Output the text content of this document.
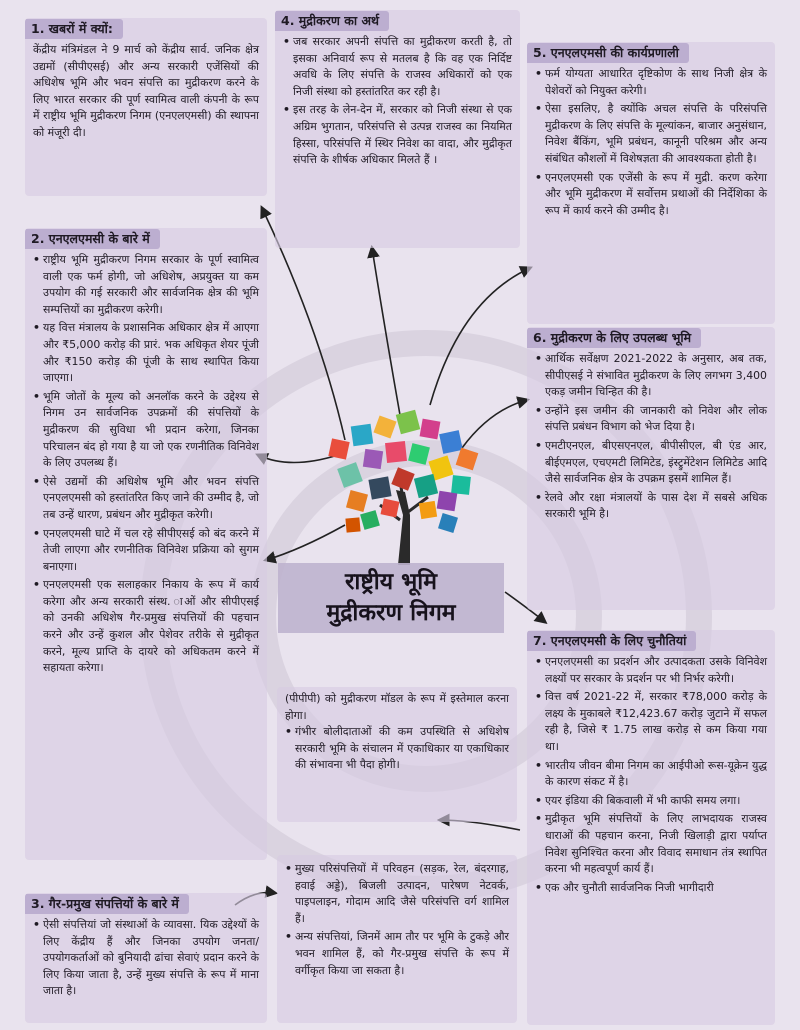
1. खबरों में क्यों:
केंद्रीय मंत्रिमंडल ने 9 मार्च को केंद्रीय सार्व. जनिक क्षेत्र उद्यमों (सीपीएसई) और अन्य सरकारी एजेंसियों की अधिशेष भूमि और भवन संपत्ति का मुद्रीकरण करने के लिए भारत सरकार की पूर्ण स्वामित्व वाली कंपनी के रूप में राष्ट्रीय भूमि मुद्रीकरण निगम (एनएलएमसी) की स्थापना को मंजूरी दी।
2. एनएलएमसी के बारे में
• राष्ट्रीय भूमि मुद्रीकरण निगम सरकार के पूर्ण स्वामित्व वाली एक फर्म होगी, जो अधिशेष, अप्रयुक्त या कम उपयोग की गई सरकारी और सार्वजनिक क्षेत्र की भूमि सम्पत्तियों का मुद्रीकरण करेगी।
• यह वित्त मंत्रालय के प्रशासनिक अधिकार क्षेत्र में आएगा और ₹5,000 करोड़ की प्रारं. भक अधिकृत शेयर पूंजी और ₹150 करोड़ की पूंजी के साथ स्थापित किया जाएगा।
• भूमि जोतों के मूल्य को अनलॉक करने के उद्देश्य से निगम उन सार्वजनिक उपक्रमों की संपत्तियों के मुद्रीकरण की सुविधा भी प्रदान करेगा, जिनका परिचालन बंद हो गया है या जो एक रणनीतिक विनिवेश के लिए उपलब्ध हैं।
• ऐसे उद्यमों की अधिशेष भूमि और भवन संपत्ति एनएलएमसी को हस्तांतरित किए जाने की उम्मीद है, जो तब उन्हें धारण, प्रबंधन और मुद्रीकृत करेगी।
• एनएलएमसी घाटे में चल रहे सीपीएसई को बंद करने में तेजी लाएगा और रणनीतिक विनिवेश प्रक्रिया को सुगम बनाएगा।
• एनएलएमसी एक सलाहकार निकाय के रूप में कार्य करेगा और अन्य सरकारी संस्थ. ाओं और सीपीएसई को उनकी अधिशेष गैर-प्रमुख संपत्तियों की पहचान करने और उन्हें कुशल और पेशेवर तरीके से मुद्रीकृत करने, मूल्य प्राप्ति के दायरे को अधिकतम करने में सहायता करेगा।
3. गैर-प्रमुख संपत्तियों के बारे में
• ऐसी संपत्तियां जो संस्थाओं के व्यावसा. यिक उद्देश्यों के लिए केंद्रीय हैं और जिनका उपयोग जनता/उपयोगकर्ताओं को बुनियादी ढांचा सेवाएं प्रदान करने के लिए किया जाता है, उन्हें मुख्य संपत्ति के रूप में माना जाता है।
• मुख्य परिसंपत्तियों में परिवहन (सड़क, रेल, बंदरगाह, हवाई अड्डे), बिजली उत्पादन, पारेषण नेटवर्क, पाइपलाइन, गोदाम आदि जैसे परिसंपत्ति वर्ग शामिल हैं।
• अन्य संपत्तियां, जिनमें आम तौर पर भूमि के टुकड़े और भवन शामिल हैं, को गैर-प्रमुख संपत्ति के रूप में वर्गीकृत किया जा सकता है।
4. मुद्रीकरण का अर्थ
• जब सरकार अपनी संपत्ति का मुद्रीकरण करती है, तो इसका अनिवार्य रूप से मतलब है कि वह एक निर्दिष्ट अवधि के लिए संपत्ति के राजस्व अधिकारों को एक निजी संस्था को हस्तांतरित कर रही है।
• इस तरह के लेन-देन में, सरकार को निजी संस्था से एक अग्रिम भुगतान, परिसंपत्ति से उत्पन्न राजस्व का नियमित हिस्सा, परिसंपत्ति में स्थिर निवेश का वादा, और मुद्रीकृत संपत्ति के शीर्षक अधिकार मिलते हैं ।
5. एनएलएमसी की कार्यप्रणाली
• फर्म योग्यता आधारित दृष्टिकोण के साथ निजी क्षेत्र के पेशेवरों को नियुक्त करेगी।
• ऐसा इसलिए, है क्योंकि अचल संपत्ति के परिसंपत्ति मुद्रीकरण के लिए संपत्ति के मूल्यांकन, बाजार अनुसंधान, निवेश बैंकिंग, भूमि प्रबंधन, कानूनी परिश्रम और अन्य संबंधित कौशलों में विशेषज्ञता की आवश्यकता होती है।
• एनएलएमसी एक एजेंसी के रूप में मुद्री. करण करेगा और भूमि मुद्रीकरण में सर्वोत्तम प्रथाओं की निर्देशिका के रूप में कार्य करने की उम्मीद है।
6. मुद्रीकरण के लिए उपलब्ध भूमि
• आर्थिक सर्वेक्षण 2021-2022 के अनुसार, अब तक, सीपीएसई ने संभावित मुद्रीकरण के लिए लगभग 3,400 एकड़ जमीन चिन्हित की है।
• उन्होंने इस जमीन की जानकारी को निवेश और लोक संपत्ति प्रबंधन विभाग को भेज दिया है।
• एमटीएनएल, बीएसएनएल, बीपीसीएल, बी एंड आर, बीईएमएल, एचएमटी लिमिटेड, इंस्ट्रुमेंटेशन लिमिटेड आदि जैसे सार्वजनिक क्षेत्र के उपक्रम इसमें शामिल हैं।
• रेलवे और रक्षा मंत्रालयों के पास देश में सबसे अधिक सरकारी भूमि है।
7. एनएलएमसी के लिए चुनौतियां
• एनएलएमसी का प्रदर्शन और उत्पादकता उसके विनिवेश लक्ष्यों पर सरकार के प्रदर्शन पर भी निर्भर करेगी।
• वित्त वर्ष 2021-22 में, सरकार ₹78,000 करोड़ के लक्ष्य के मुकाबले ₹12,423.67 करोड़ जुटाने में सफल रही है, जिसे ₹ 1.75 लाख करोड़ से कम किया गया था।
• भारतीय जीवन बीमा निगम का आईपीओ रूस-यूक्रेन युद्ध के कारण संकट में है।
• एयर इंडिया की बिकवाली में भी काफी समय लगा।
• मुद्रीकृत भूमि संपत्तियों के लिए लाभदायक राजस्व धाराओं की पहचान करना, निजी खिलाड़ी द्वारा पर्याप्त निवेश सुनिश्चित करना और विवाद समाधान तंत्र स्थापित करना भी महत्वपूर्ण कार्य हैं।
• एक और चुनौती सार्वजनिक निजी भागीदारी
(पीपीपी) को मुद्रीकरण मॉडल के रूप में इस्तेमाल करना होगा।
• गंभीर बोलीदाताओं की कम उपस्थिति से अधिशेष सरकारी भूमि के संचालन में एकाधिकार या एकाधिकार की संभावना भी पैदा होगी।
राष्ट्रीय भूमि
मुद्रीकरण निगम
